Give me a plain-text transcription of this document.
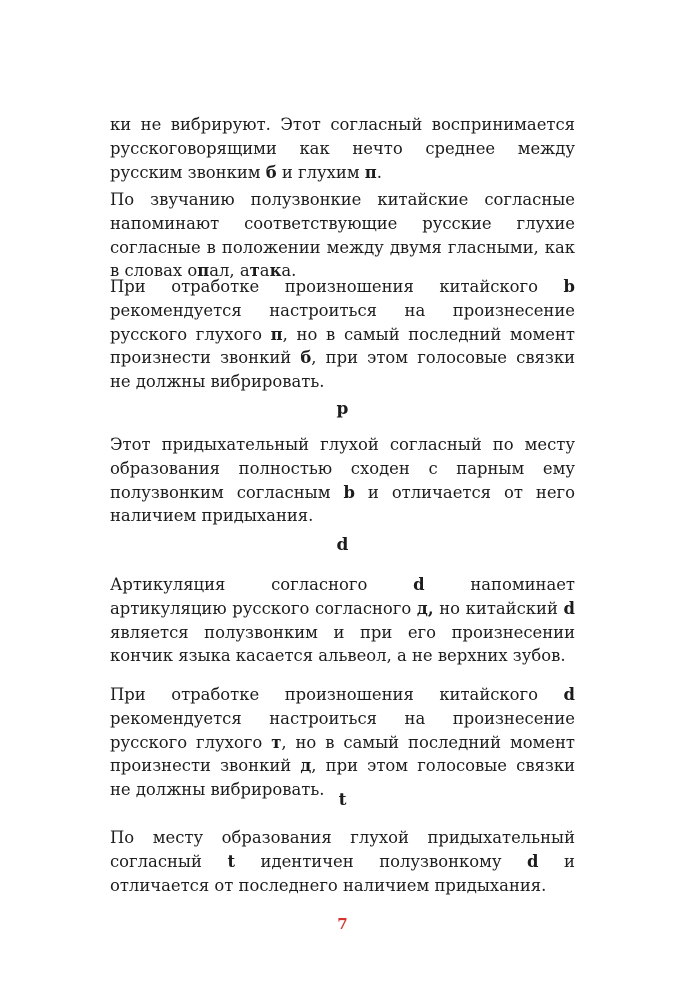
ки не вибрируют. Этот согласный воспринимается русскоговорящими как нечто среднее между русским звонким б и глухим п.

По звучанию полузвонкие китайские согласные напоминают соответствующие русские глухие согласные в положении между двумя гласными, как в словах опал, атака.

При отработке произношения китайского b рекомендуется настроиться на произнесение русского глухого п, но в самый последний момент произнести звонкий б, при этом голосовые связки не должны вибрировать.

p

Этот придыхательный глухой согласный по месту образования полностью сходен с парным ему полузвонким согласным b и отличается от него наличием придыхания.

d

Артикуляция согласного d напоминает артикуляцию русского согласного д, но китайский d является полузвонким и при его произнесении кончик языка касается альвеол, а не верхних зубов.

При отработке произношения китайского d рекомендуется настроиться на произнесение русского глухого т, но в самый последний момент произнести звонкий д, при этом голосовые связки не должны вибрировать.

t

По месту образования глухой придыхательный согласный t идентичен полузвонкому d и отличается от последнего наличием придыхания.

7
